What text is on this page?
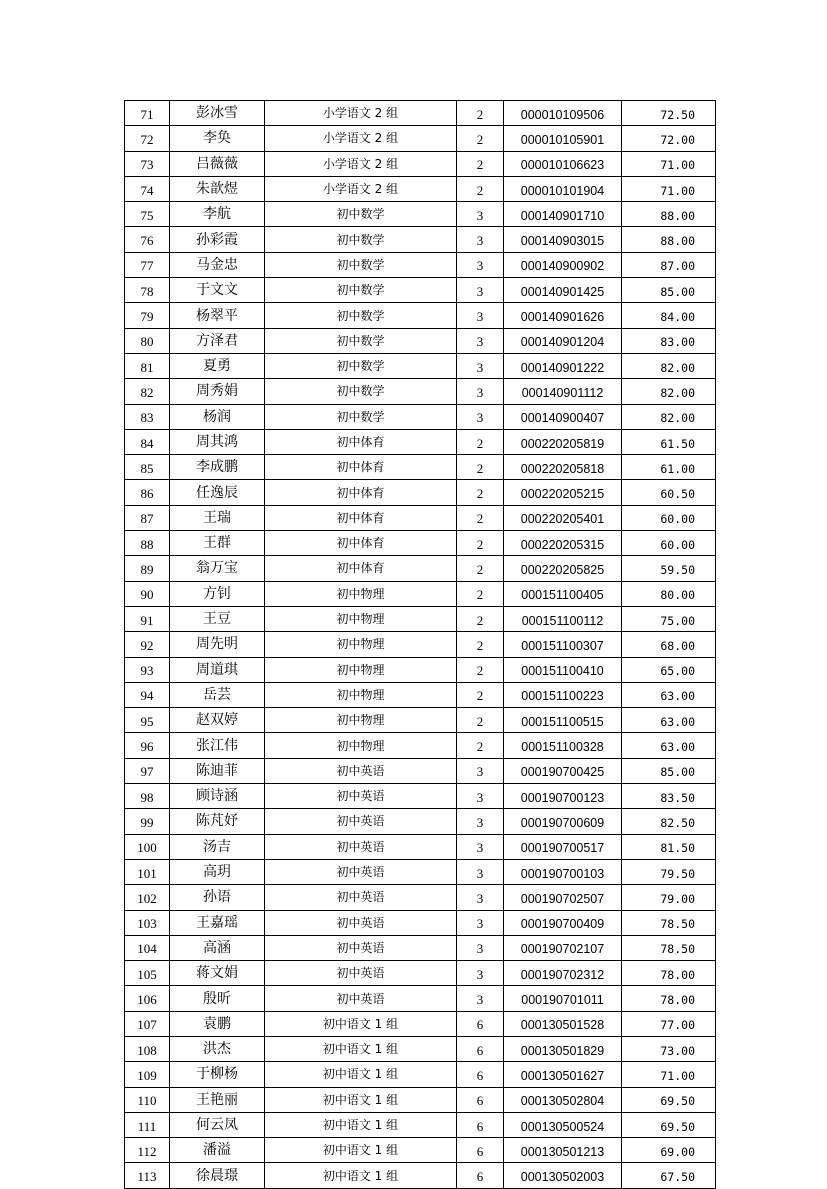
71	彭冰雪	小学语文 2 组	2	000010109506	72.50
72	李奂	小学语文 2 组	2	000010105901	72.00
73	吕薇薇	小学语文 2 组	2	000010106623	71.00
74	朱歆煜	小学语文 2 组	2	000010101904	71.00
75	李航	初中数学	3	000140901710	88.00
76	孙彩霞	初中数学	3	000140903015	88.00
77	马金忠	初中数学	3	000140900902	87.00
78	于文文	初中数学	3	000140901425	85.00
79	杨翠平	初中数学	3	000140901626	84.00
80	方泽君	初中数学	3	000140901204	83.00
81	夏勇	初中数学	3	000140901222	82.00
82	周秀娟	初中数学	3	000140901112	82.00
83	杨润	初中数学	3	000140900407	82.00
84	周其鸿	初中体育	2	000220205819	61.50
85	李成鹏	初中体育	2	000220205818	61.00
86	任逸辰	初中体育	2	000220205215	60.50
87	王瑞	初中体育	2	000220205401	60.00
88	王群	初中体育	2	000220205315	60.00
89	翁万宝	初中体育	2	000220205825	59.50
90	方钊	初中物理	2	000151100405	80.00
91	王豆	初中物理	2	000151100112	75.00
92	周先明	初中物理	2	000151100307	68.00
93	周道琪	初中物理	2	000151100410	65.00
94	岳芸	初中物理	2	000151100223	63.00
95	赵双婷	初中物理	2	000151100515	63.00
96	张江伟	初中物理	2	000151100328	63.00
97	陈迪菲	初中英语	3	000190700425	85.00
98	顾诗涵	初中英语	3	000190700123	83.50
99	陈芃妤	初中英语	3	000190700609	82.50
100	汤吉	初中英语	3	000190700517	81.50
101	高玥	初中英语	3	000190700103	79.50
102	孙语	初中英语	3	000190702507	79.00
103	王嘉瑶	初中英语	3	000190700409	78.50
104	高涵	初中英语	3	000190702107	78.50
105	蒋文娟	初中英语	3	000190702312	78.00
106	殷昕	初中英语	3	000190701011	78.00
107	袁鹏	初中语文 1 组	6	000130501528	77.00
108	洪杰	初中语文 1 组	6	000130501829	73.00
109	于柳杨	初中语文 1 组	6	000130501627	71.00
110	王艳丽	初中语文 1 组	6	000130502804	69.50
111	何云凤	初中语文 1 组	6	000130500524	69.50
112	潘溢	初中语文 1 组	6	000130501213	69.00
113	徐晨璟	初中语文 1 组	6	000130502003	67.50
